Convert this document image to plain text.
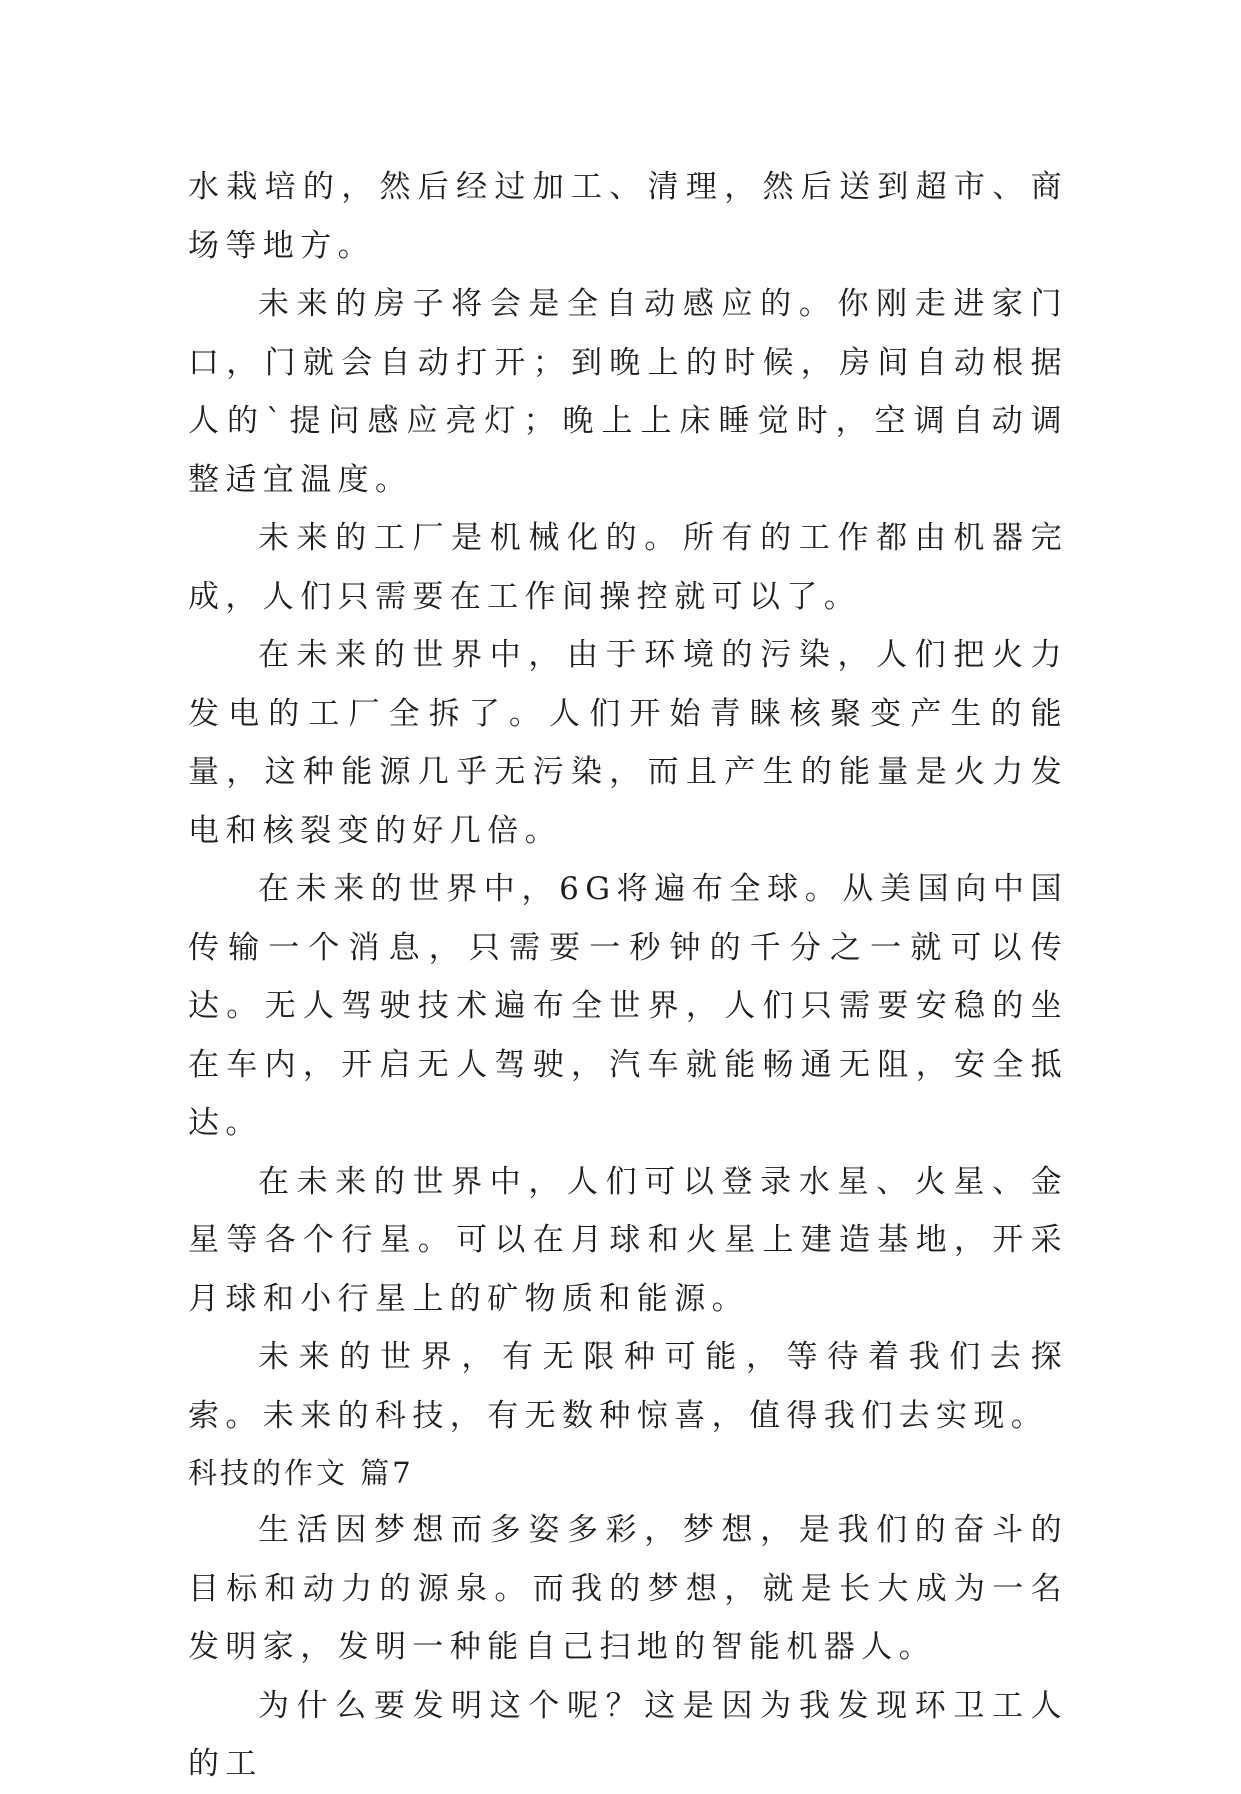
水栽培的，然后经过加工、清理，然后送到超市、商场等地方。

未来的房子将会是全自动感应的。你刚走进家门口，门就会自动打开；到晚上的时候，房间自动根据人的`提问感应亮灯；晚上上床睡觉时，空调自动调整适宜温度。

未来的工厂是机械化的。所有的工作都由机器完成，人们只需要在工作间操控就可以了。

在未来的世界中，由于环境的污染，人们把火力发电的工厂全拆了。人们开始青睐核聚变产生的能量，这种能源几乎无污染，而且产生的能量是火力发电和核裂变的好几倍。

在未来的世界中，6G将遍布全球。从美国向中国传输一个消息，只需要一秒钟的千分之一就可以传达。无人驾驶技术遍布全世界，人们只需要安稳的坐在车内，开启无人驾驶，汽车就能畅通无阻，安全抵达。

在未来的世界中，人们可以登录水星、火星、金星等各个行星。可以在月球和火星上建造基地，开采月球和小行星上的矿物质和能源。

未来的世界，有无限种可能，等待着我们去探索。未来的科技，有无数种惊喜，值得我们去实现。

科技的作文 篇7

生活因梦想而多姿多彩，梦想，是我们的奋斗的目标和动力的源泉。而我的梦想，就是长大成为一名发明家，发明一种能自己扫地的智能机器人。

为什么要发明这个呢？这是因为我发现环卫工人的工
